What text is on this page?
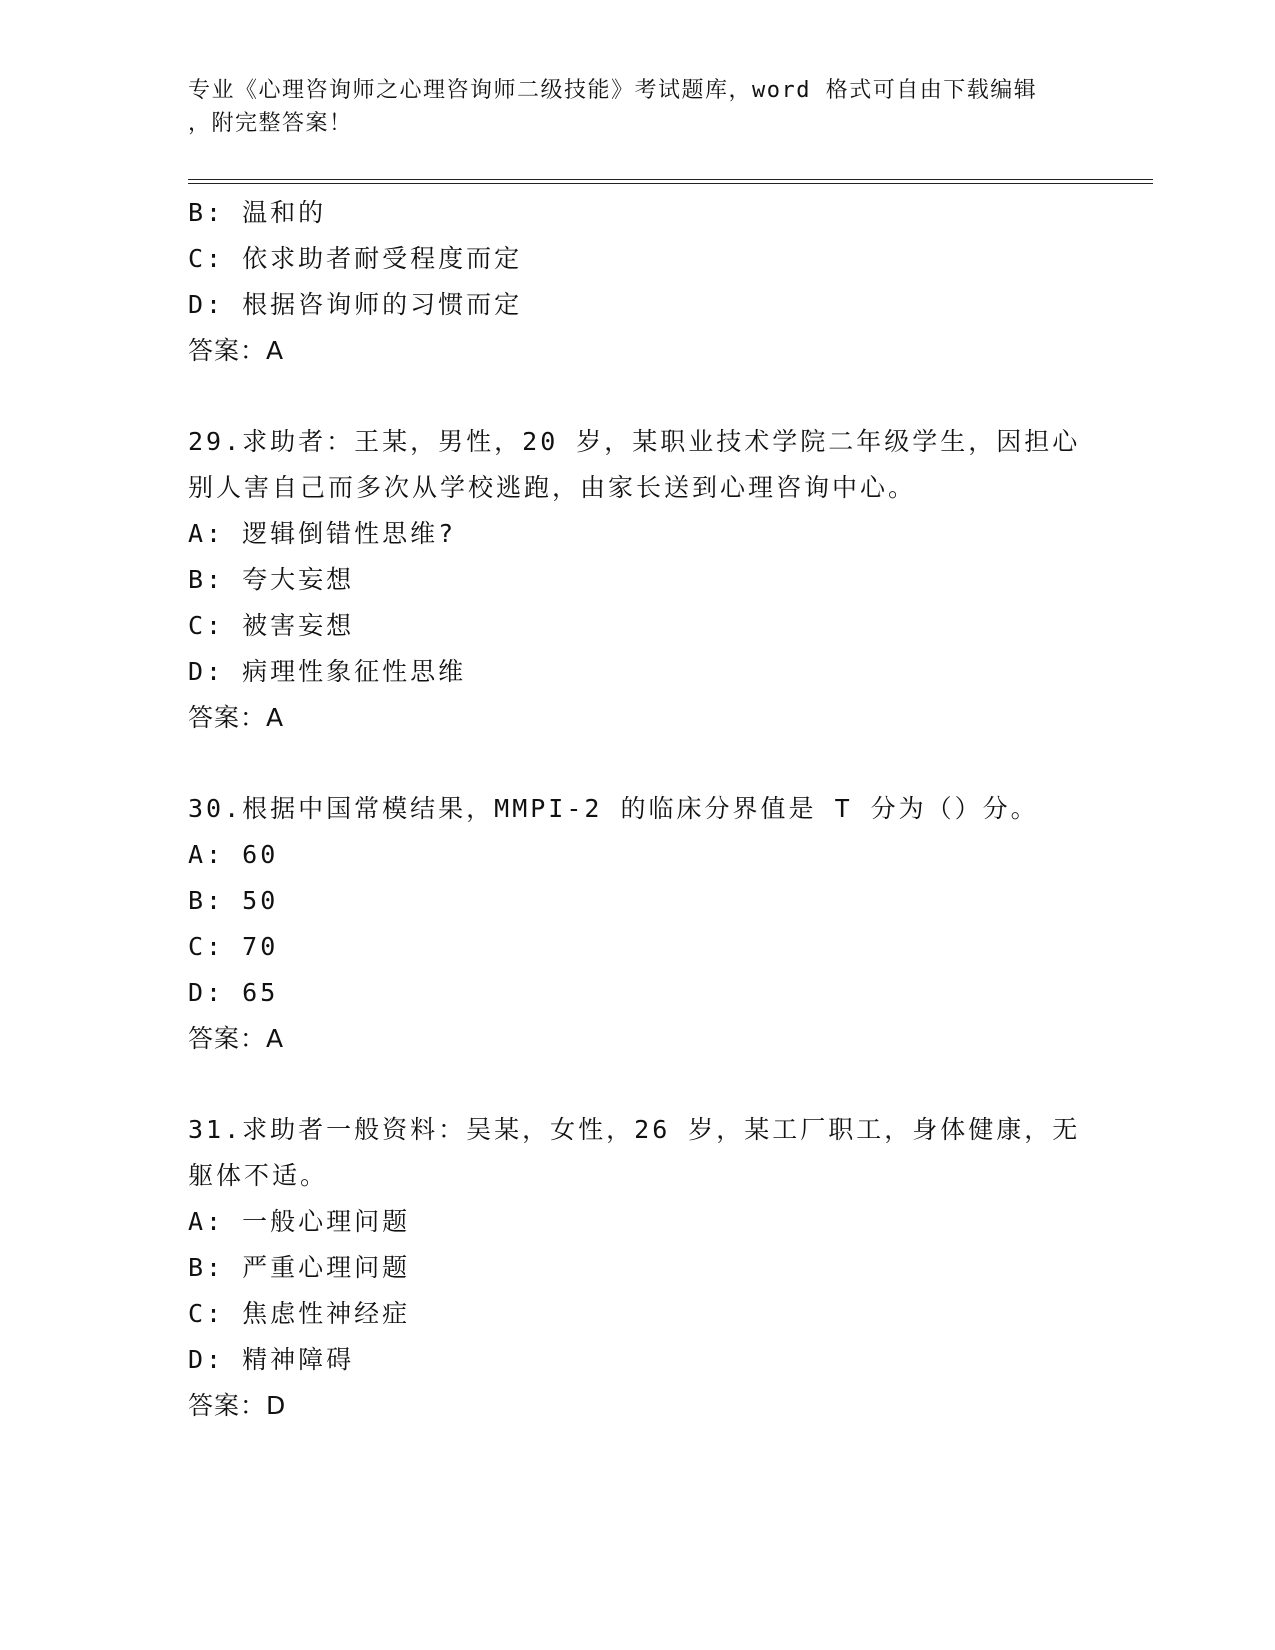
专业《心理咨询师之心理咨询师二级技能》考试题库，word 格式可自由下载编辑
，附完整答案！
B: 温和的
C: 依求助者耐受程度而定
D: 根据咨询师的习惯而定
答案：A
29.求助者：王某，男性，20 岁，某职业技术学院二年级学生，因担心
别人害自己而多次从学校逃跑，由家长送到心理咨询中心。
A: 逻辑倒错性思维?
B: 夸大妄想
C: 被害妄想
D: 病理性象征性思维
答案：A
30.根据中国常模结果，MMPI-2 的临床分界值是 T 分为（）分。
A: 60
B: 50
C: 70
D: 65
答案：A
31.求助者一般资料：吴某，女性，26 岁，某工厂职工，身体健康，无
躯体不适。
A: 一般心理问题
B: 严重心理问题
C: 焦虑性神经症
D: 精神障碍
答案：D
